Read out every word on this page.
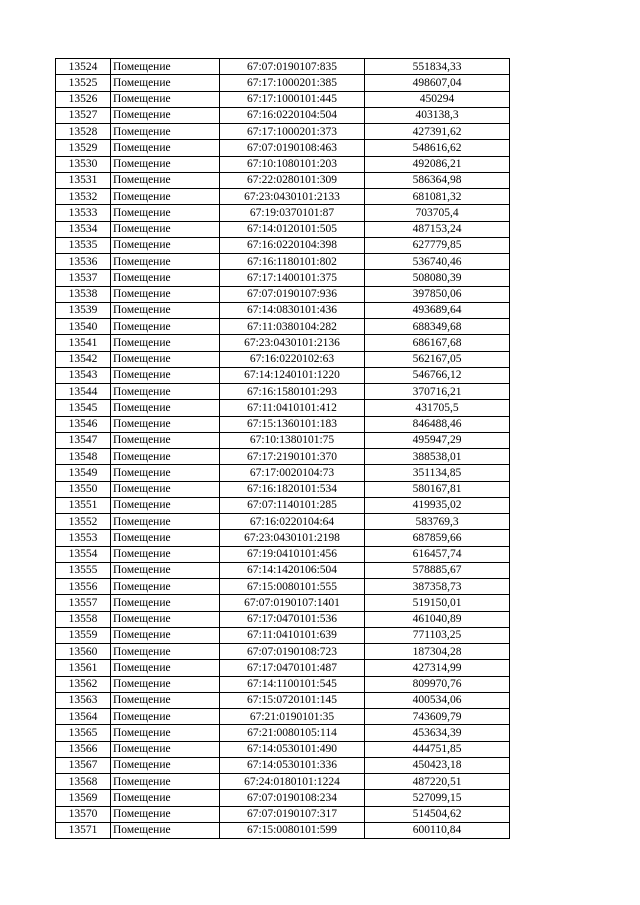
13524	Помещение	67:07:0190107:835	551834,33
13525	Помещение	67:17:1000201:385	498607,04
13526	Помещение	67:17:1000101:445	450294
13527	Помещение	67:16:0220104:504	403138,3
13528	Помещение	67:17:1000201:373	427391,62
13529	Помещение	67:07:0190108:463	548616,62
13530	Помещение	67:10:1080101:203	492086,21
13531	Помещение	67:22:0280101:309	586364,98
13532	Помещение	67:23:0430101:2133	681081,32
13533	Помещение	67:19:0370101:87	703705,4
13534	Помещение	67:14:0120101:505	487153,24
13535	Помещение	67:16:0220104:398	627779,85
13536	Помещение	67:16:1180101:802	536740,46
13537	Помещение	67:17:1400101:375	508080,39
13538	Помещение	67:07:0190107:936	397850,06
13539	Помещение	67:14:0830101:436	493689,64
13540	Помещение	67:11:0380104:282	688349,68
13541	Помещение	67:23:0430101:2136	686167,68
13542	Помещение	67:16:0220102:63	562167,05
13543	Помещение	67:14:1240101:1220	546766,12
13544	Помещение	67:16:1580101:293	370716,21
13545	Помещение	67:11:0410101:412	431705,5
13546	Помещение	67:15:1360101:183	846488,46
13547	Помещение	67:10:1380101:75	495947,29
13548	Помещение	67:17:2190101:370	388538,01
13549	Помещение	67:17:0020104:73	351134,85
13550	Помещение	67:16:1820101:534	580167,81
13551	Помещение	67:07:1140101:285	419935,02
13552	Помещение	67:16:0220104:64	583769,3
13553	Помещение	67:23:0430101:2198	687859,66
13554	Помещение	67:19:0410101:456	616457,74
13555	Помещение	67:14:1420106:504	578885,67
13556	Помещение	67:15:0080101:555	387358,73
13557	Помещение	67:07:0190107:1401	519150,01
13558	Помещение	67:17:0470101:536	461040,89
13559	Помещение	67:11:0410101:639	771103,25
13560	Помещение	67:07:0190108:723	187304,28
13561	Помещение	67:17:0470101:487	427314,99
13562	Помещение	67:14:1100101:545	809970,76
13563	Помещение	67:15:0720101:145	400534,06
13564	Помещение	67:21:0190101:35	743609,79
13565	Помещение	67:21:0080105:114	453634,39
13566	Помещение	67:14:0530101:490	444751,85
13567	Помещение	67:14:0530101:336	450423,18
13568	Помещение	67:24:0180101:1224	487220,51
13569	Помещение	67:07:0190108:234	527099,15
13570	Помещение	67:07:0190107:317	514504,62
13571	Помещение	67:15:0080101:599	600110,84
